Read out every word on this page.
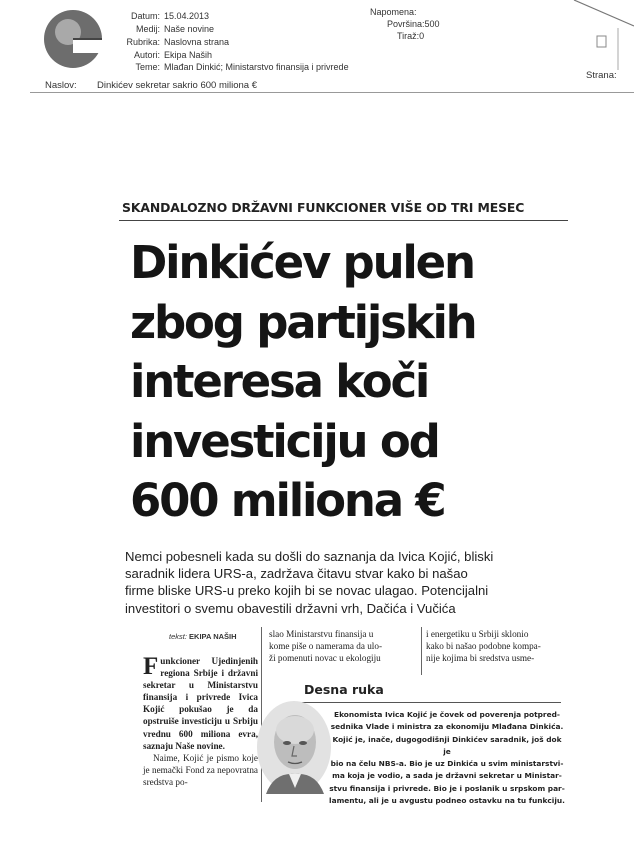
Datum: 15.04.2013
Medij: Naše novine
Rubrika: Naslovna strana
Autori: Ekipa Naših
Teme: Mlađan Dinkić; Ministarstvo finansija i privrede
Napomena:
Površina:500
Tiraž:0
Naslov: Dinkićev sekretar sakrio 600 miliona €
Strana:
SKANDALOZNO DRŽAVNI FUNKCIONER VIŠE OD TRI MESEC
Dinkićev pulen
zbog partijskih
interesa koči
investiciju od
600 miliona €
Nemci pobesneli kada su došli do saznanja da Ivica Kojić, bliski
saradnik lidera URS-a, zadržava čitavu stvar kako bi našao
firme bliske URS-u preko kojih bi se novac ulagao. Potencijalni
investitori o svemu obavestili državni vrh, Dačića i Vučića
tekst: EKIPA NAŠIH
Funkcioner Ujedinjenih regiona Srbije i državni sekretar u Ministarstvu finansija i privrede Ivica Kojić pokušao je da opstruiše investiciju u Srbiju vrednu 600 miliona evra, saznaju Naše novine.
Naime, Kojić je pismo koje je nemački Fond za nepovratna sredstva po-
slao Ministarstvu finansija u
kome piše o namerama da ulo-
ži pomenuti novac u ekologiju
i energetiku u Srbiji sklonio
kako bi našao podobne kompa-
nije kojima bi sredstva usme-
Desna ruka
Ekonomista Ivica Kojić je čovek od poverenja potpred-
sednika Vlade i ministra za ekonomiju Mlađana Dinkića.
Kojić je, inače, dugogodišnji Dinkićev saradnik, još dok je
bio na čelu NBS-a. Bio je uz Dinkića u svim ministarstvi-
ma koja je vodio, a sada je državni sekretar u Ministar-
stvu finansija i privrede. Bio je i poslanik u srpskom par-
lamentu, ali je u avgustu podneo ostavku na tu funkciju.
